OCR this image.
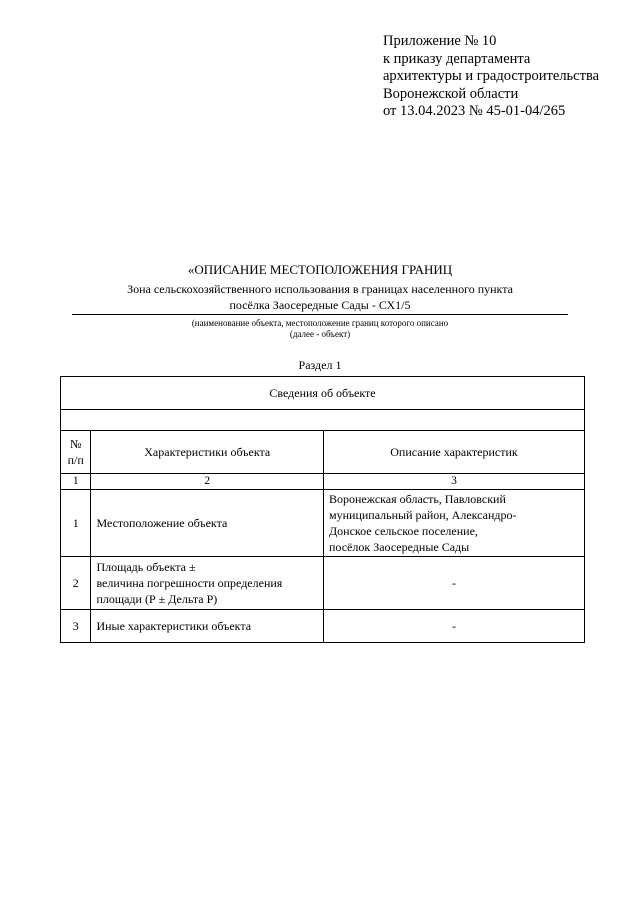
Приложение № 10
к приказу департамента
архитектуры и градостроительства
Воронежской области
от 13.04.2023 № 45-01-04/265
«ОПИСАНИЕ МЕСТОПОЛОЖЕНИЯ ГРАНИЦ
Зона сельскохозяйственного использования в границах населенного пункта
посёлка Заосередные Сады - СХ1/5
(наименование объекта, местоположение границ которого описано
(далее - объект)
Раздел 1
Сведения об объекте		

№
п/п	Характеристики объекта	Описание характеристик
1	2	3
1	Местоположение объекта	Воронежская область, Павловский
муниципальный район, Александро-
Донское сельское поселение,
посёлок Заосередные Сады

2	Площадь объекта ±
величина погрешности определения
площади (Р ± Дельта Р)	-
3	Иные характеристики объекта	-
